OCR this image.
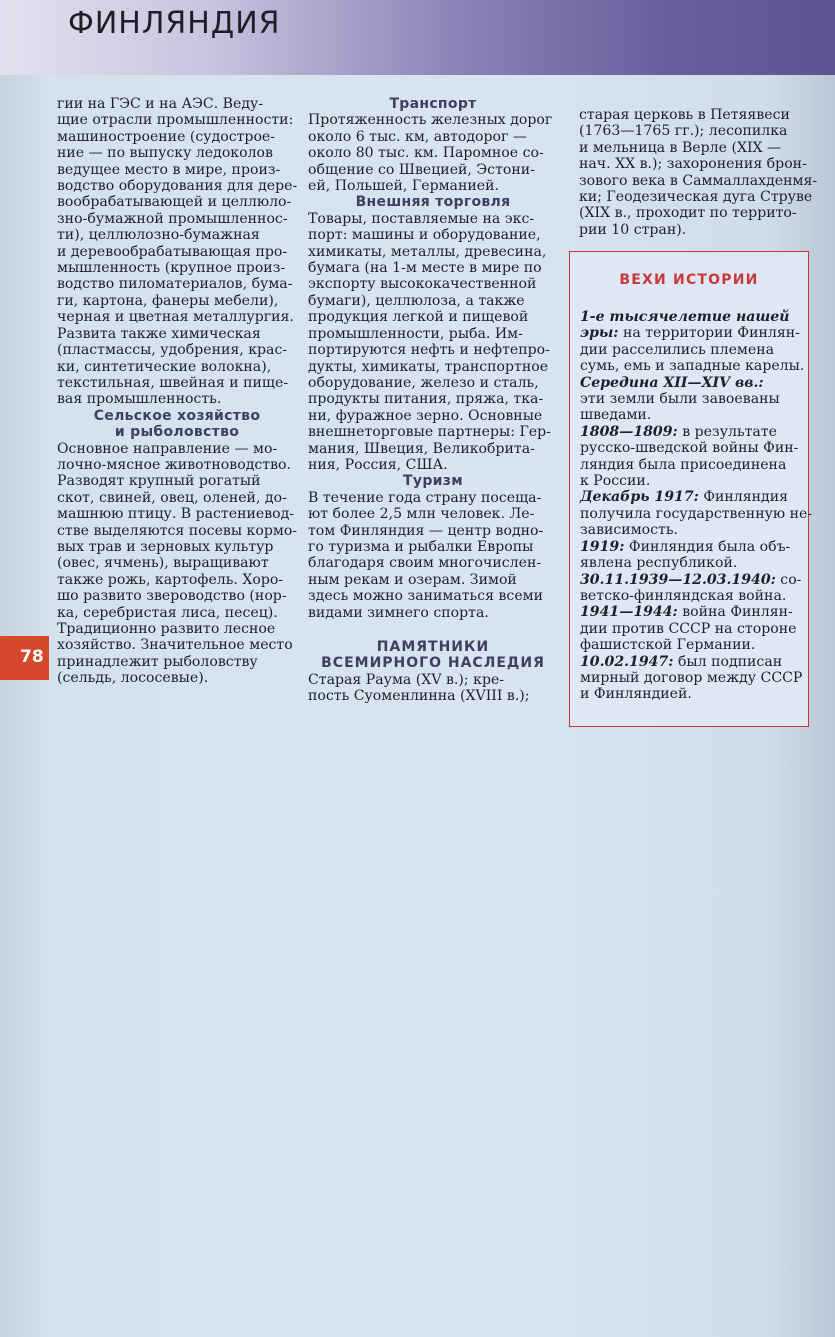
ФИНЛЯНДИЯ
78
гии на ГЭС и на АЭС. Веду-
щие отрасли промышленности:
машиностроение (судострое-
ние — по выпуску ледоколов
ведущее место в мире, произ-
водство оборудования для дере-
вообрабатывающей и целлюло-
зно-бумажной промышленнос-
ти), целлюлозно-бумажная
и деревообрабатывающая про-
мышленность (крупное произ-
водство пиломатериалов, бума-
ги, картона, фанеры мебели),
черная и цветная металлургия.
Развита также химическая
(пластмассы, удобрения, крас-
ки, синтетические волокна),
текстильная, швейная и пище-
вая промышленность.
Сельское хозяйство
и рыболовство
Основное направление — мо-
лочно-мясное животноводство.
Разводят крупный рогатый
скот, свиней, овец, оленей, до-
машнюю птицу. В растениевод-
стве выделяются посевы кормо-
вых трав и зерновых культур
(овес, ячмень), выращивают
также рожь, картофель. Хоро-
шо развито звероводство (нор-
ка, серебристая лиса, песец).
Традиционно развито лесное
хозяйство. Значительное место
принадлежит рыболовству
(сельдь, лососевые).
Транспорт
Протяженность железных дорог
около 6 тыс. км, автодорог —
около 80 тыс. км. Паромное со-
общение со Швецией, Эстони-
ей, Польшей, Германией.
Внешняя торговля
Товары, поставляемые на экс-
порт: машины и оборудование,
химикаты, металлы, древесина,
бумага (на 1-м месте в мире по
экспорту высококачественной
бумаги), целлюлоза, а также
продукция легкой и пищевой
промышленности, рыба. Им-
портируются нефть и нефтепро-
дукты, химикаты, транспортное
оборудование, железо и сталь,
продукты питания, пряжа, тка-
ни, фуражное зерно. Основные
внешнеторговые партнеры: Гер-
мания, Швеция, Великобрита-
ния, Россия, США.
Туризм
В течение года страну посеща-
ют более 2,5 млн человек. Ле-
том Финляндия — центр водно-
го туризма и рыбалки Европы
благодаря своим многочислен-
ным рекам и озерам. Зимой
здесь можно заниматься всеми
видами зимнего спорта.
ПАМЯТНИКИ
ВСЕМИРНОГО НАСЛЕДИЯ
Старая Раума (XV в.); кре-
пость Суоменлинна (XVIII в.);
старая церковь в Петяявеси
(1763—1765 гг.); лесопилка
и мельница в Верле (XIX —
нач. XX в.); захоронения брон-
зового века в Саммаллахденмя-
ки; Геодезическая дуга Струве
(XIX в., проходит по террито-
рии 10 стран).
ВЕХИ ИСТОРИИ
1-е тысячелетие нашей
эры: на территории Финлян-
дии расселились племена
сумь, емь и западные карелы.
Середина XII—XIV вв.:
эти земли были завоеваны
шведами.
1808—1809: в результате
русско-шведской войны Фин-
ляндия была присоединена
к России.
Декабрь 1917: Финляндия
получила государственную не-
зависимость.
1919: Финляндия была объ-
явлена республикой.
30.11.1939—12.03.1940: со-
ветско-финляндская война.
1941—1944: война Финлян-
дии против СССР на стороне
фашистской Германии.
10.02.1947: был подписан
мирный договор между СССР
и Финляндией.
